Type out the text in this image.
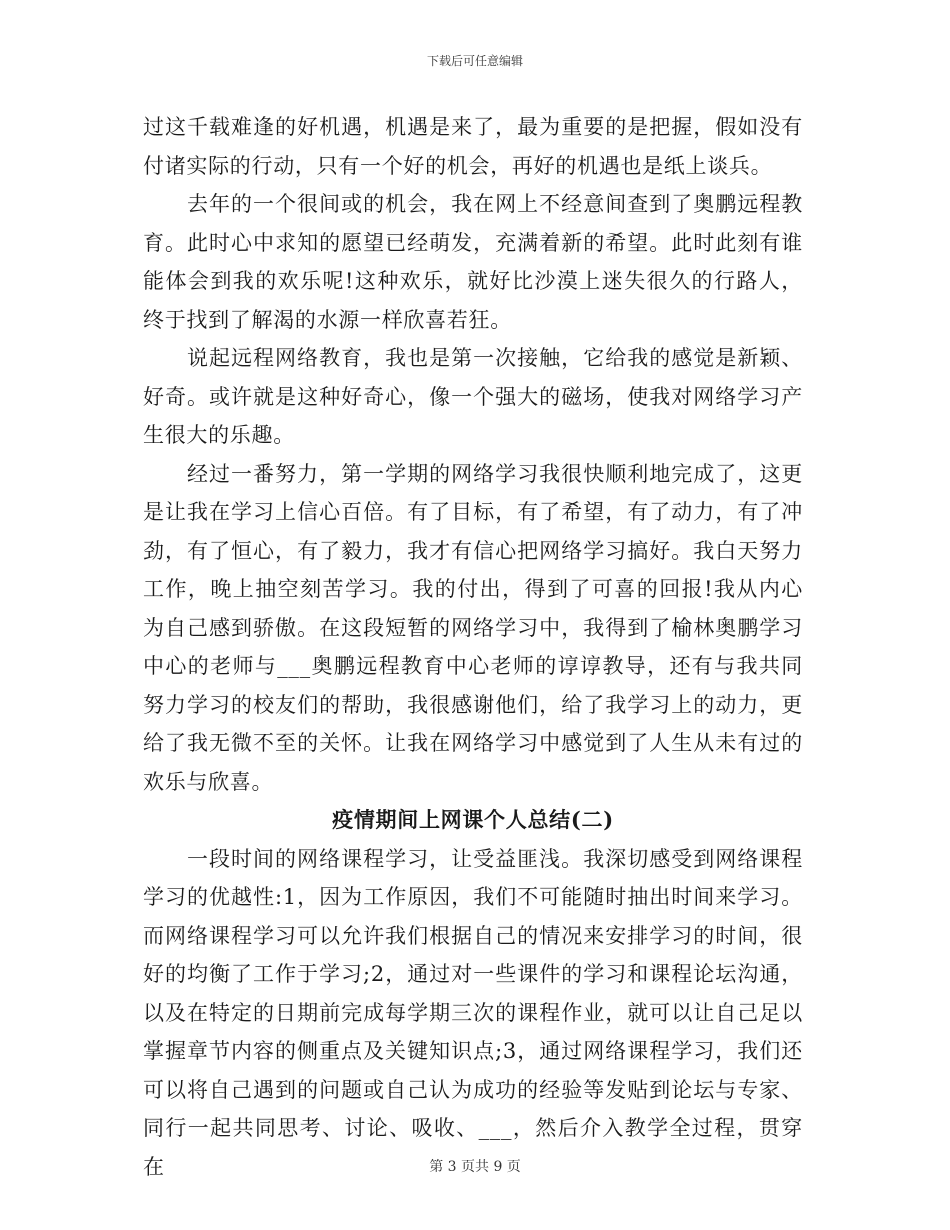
下载后可任意编辑

过这千载难逢的好机遇，机遇是来了，最为重要的是把握，假如没有付诸实际的行动，只有一个好的机会，再好的机遇也是纸上谈兵。

去年的一个很间或的机会，我在网上不经意间查到了奥鹏远程教育。此时心中求知的愿望已经萌发，充满着新的希望。此时此刻有谁能体会到我的欢乐呢!这种欢乐，就好比沙漠上迷失很久的行路人，终于找到了解渴的水源一样欣喜若狂。

说起远程网络教育，我也是第一次接触，它给我的感觉是新颖、好奇。或许就是这种好奇心，像一个强大的磁场，使我对网络学习产生很大的乐趣。

经过一番努力，第一学期的网络学习我很快顺利地完成了，这更是让我在学习上信心百倍。有了目标，有了希望，有了动力，有了冲劲，有了恒心，有了毅力，我才有信心把网络学习搞好。我白天努力工作，晚上抽空刻苦学习。我的付出，得到了可喜的回报!我从内心为自己感到骄傲。在这段短暂的网络学习中，我得到了榆林奥鹏学习中心的老师与___奥鹏远程教育中心老师的谆谆教导，还有与我共同努力学习的校友们的帮助，我很感谢他们，给了我学习上的动力，更给了我无微不至的关怀。让我在网络学习中感觉到了人生从未有过的欢乐与欣喜。

疫情期间上网课个人总结(二)

一段时间的网络课程学习，让受益匪浅。我深切感受到网络课程学习的优越性:1，因为工作原因，我们不可能随时抽出时间来学习。而网络课程学习可以允许我们根据自己的情况来安排学习的时间，很好的均衡了工作于学习;2，通过对一些课件的学习和课程论坛沟通，以及在特定的日期前完成每学期三次的课程作业，就可以让自己足以掌握章节内容的侧重点及关键知识点;3，通过网络课程学习，我们还可以将自己遇到的问题或自己认为成功的经验等发贴到论坛与专家、同行一起共同思考、讨论、吸收、___，然后介入教学全过程，贯穿在	第 3 页共 9 页
